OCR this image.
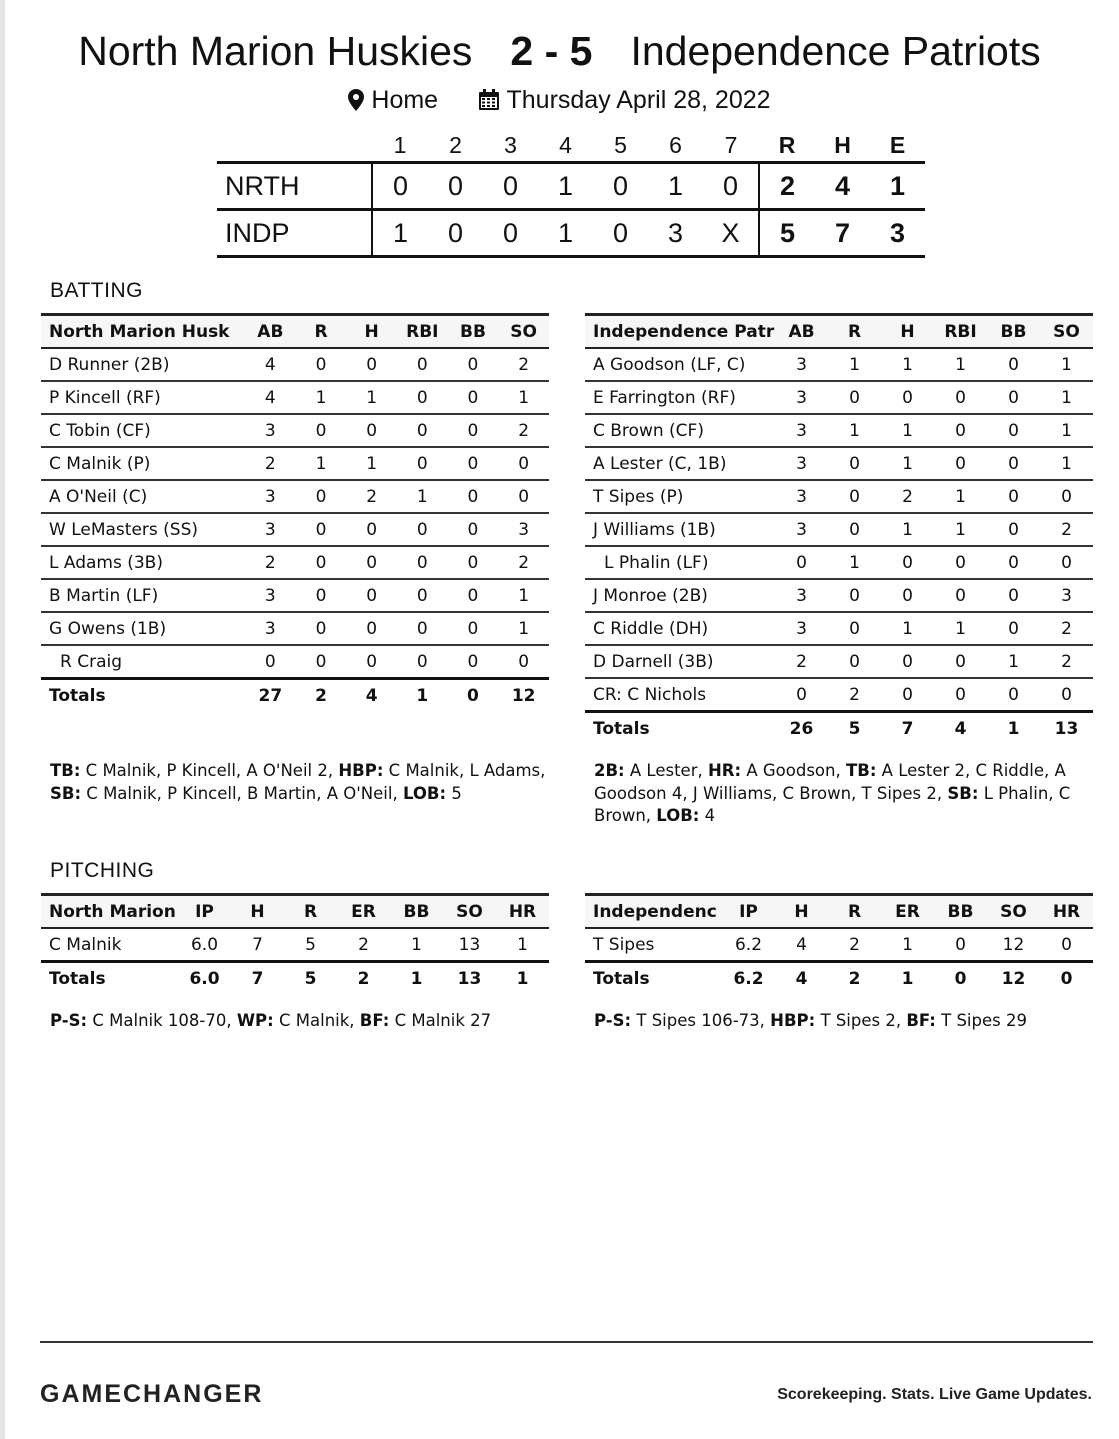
North Marion Huskies 2 - 5 Independence Patriots
Home	Thursday April 28, 2022
	1	2	3	4	5	6	7	R	H	E
NRTH	0	0	0	1	0	1	0	2	4	1
INDP	1	0	0	1	0	3	X	5	7	3
BATTING
North Marion Husk	AB	R	H	RBI	BB	SO
D Runner (2B)	4	0	0	0	0	2
P Kincell (RF)	4	1	1	0	0	1
C Tobin (CF)	3	0	0	0	0	2
C Malnik (P)	2	1	1	0	0	0
A O'Neil (C)	3	0	2	1	0	0
W LeMasters (SS)	3	0	0	0	0	3
L Adams (3B)	2	0	0	0	0	2
B Martin (LF)	3	0	0	0	0	1
G Owens (1B)	3	0	0	0	0	1
R Craig	0	0	0	0	0	0
Totals	27	2	4	1	0	12
Independence Patr	AB	R	H	RBI	BB	SO
A Goodson (LF, C)	3	1	1	1	0	1
E Farrington (RF)	3	0	0	0	0	1
C Brown (CF)	3	1	1	0	0	1
A Lester (C, 1B)	3	0	1	0	0	1
T Sipes (P)	3	0	2	1	0	0
J Williams (1B)	3	0	1	1	0	2
L Phalin (LF)	0	1	0	0	0	0
J Monroe (2B)	3	0	0	0	0	3
C Riddle (DH)	3	0	1	1	0	2
D Darnell (3B)	2	0	0	0	1	2
CR: C Nichols	0	2	0	0	0	0
Totals	26	5	7	4	1	13
TB: C Malnik, P Kincell, A O'Neil 2, HBP: C Malnik, L Adams, SB: C Malnik, P Kincell, B Martin, A O'Neil, LOB: 5
2B: A Lester, HR: A Goodson, TB: A Lester 2, C Riddle, A Goodson 4, J Williams, C Brown, T Sipes 2, SB: L Phalin, C Brown, LOB: 4
PITCHING
North Marion	IP	H	R	ER	BB	SO	HR
C Malnik	6.0	7	5	2	1	13	1
Totals	6.0	7	5	2	1	13	1
Independenc	IP	H	R	ER	BB	SO	HR
T Sipes	6.2	4	2	1	0	12	0
Totals	6.2	4	2	1	0	12	0
P-S: C Malnik 108-70, WP: C Malnik, BF: C Malnik 27	P-S: T Sipes 106-73, HBP: T Sipes 2, BF: T Sipes 29
GAMECHANGER	Scorekeeping. Stats. Live Game Updates.
